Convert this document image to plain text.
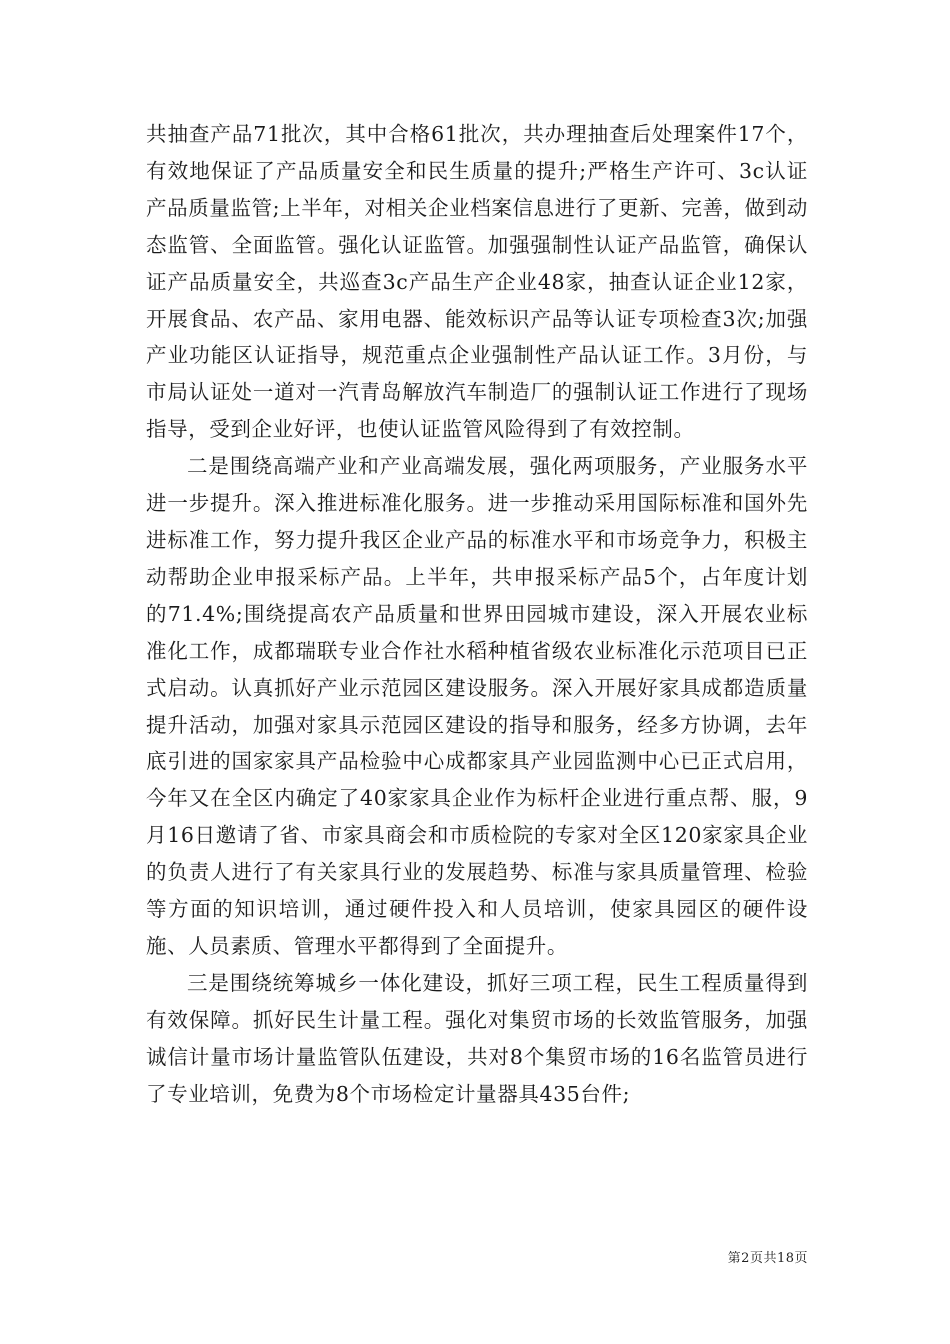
共抽查产品71批次，其中合格61批次，共办理抽查后处理案件17个，有效地保证了产品质量安全和民生质量的提升;严格生产许可、3c认证产品质量监管;上半年，对相关企业档案信息进行了更新、完善，做到动态监管、全面监管。强化认证监管。加强强制性认证产品监管，确保认证产品质量安全，共巡查3c产品生产企业48家，抽查认证企业12家，开展食品、农产品、家用电器、能效标识产品等认证专项检查3次;加强产业功能区认证指导，规范重点企业强制性产品认证工作。3月份，与市局认证处一道对一汽青岛解放汽车制造厂的强制认证工作进行了现场指导，受到企业好评，也使认证监管风险得到了有效控制。

二是围绕高端产业和产业高端发展，强化两项服务，产业服务水平进一步提升。深入推进标准化服务。进一步推动采用国际标准和国外先进标准工作，努力提升我区企业产品的标准水平和市场竞争力，积极主动帮助企业申报采标产品。上半年，共申报采标产品5个，占年度计划的71.4%;围绕提高农产品质量和世界田园城市建设，深入开展农业标准化工作，成都瑞联专业合作社水稻种植省级农业标准化示范项目已正式启动。认真抓好产业示范园区建设服务。深入开展好家具成都造质量提升活动，加强对家具示范园区建设的指导和服务，经多方协调，去年底引进的国家家具产品检验中心成都家具产业园监测中心已正式启用，今年又在全区内确定了40家家具企业作为标杆企业进行重点帮、服，9月16日邀请了省、市家具商会和市质检院的专家对全区120家家具企业的负责人进行了有关家具行业的发展趋势、标准与家具质量管理、检验等方面的知识培训，通过硬件投入和人员培训，使家具园区的硬件设施、人员素质、管理水平都得到了全面提升。

三是围绕统筹城乡一体化建设，抓好三项工程，民生工程质量得到有效保障。抓好民生计量工程。强化对集贸市场的长效监管服务，加强诚信计量市场计量监管队伍建设，共对8个集贸市场的16名监管员进行了专业培训，免费为8个市场检定计量器具435台件;

第2页共18页
